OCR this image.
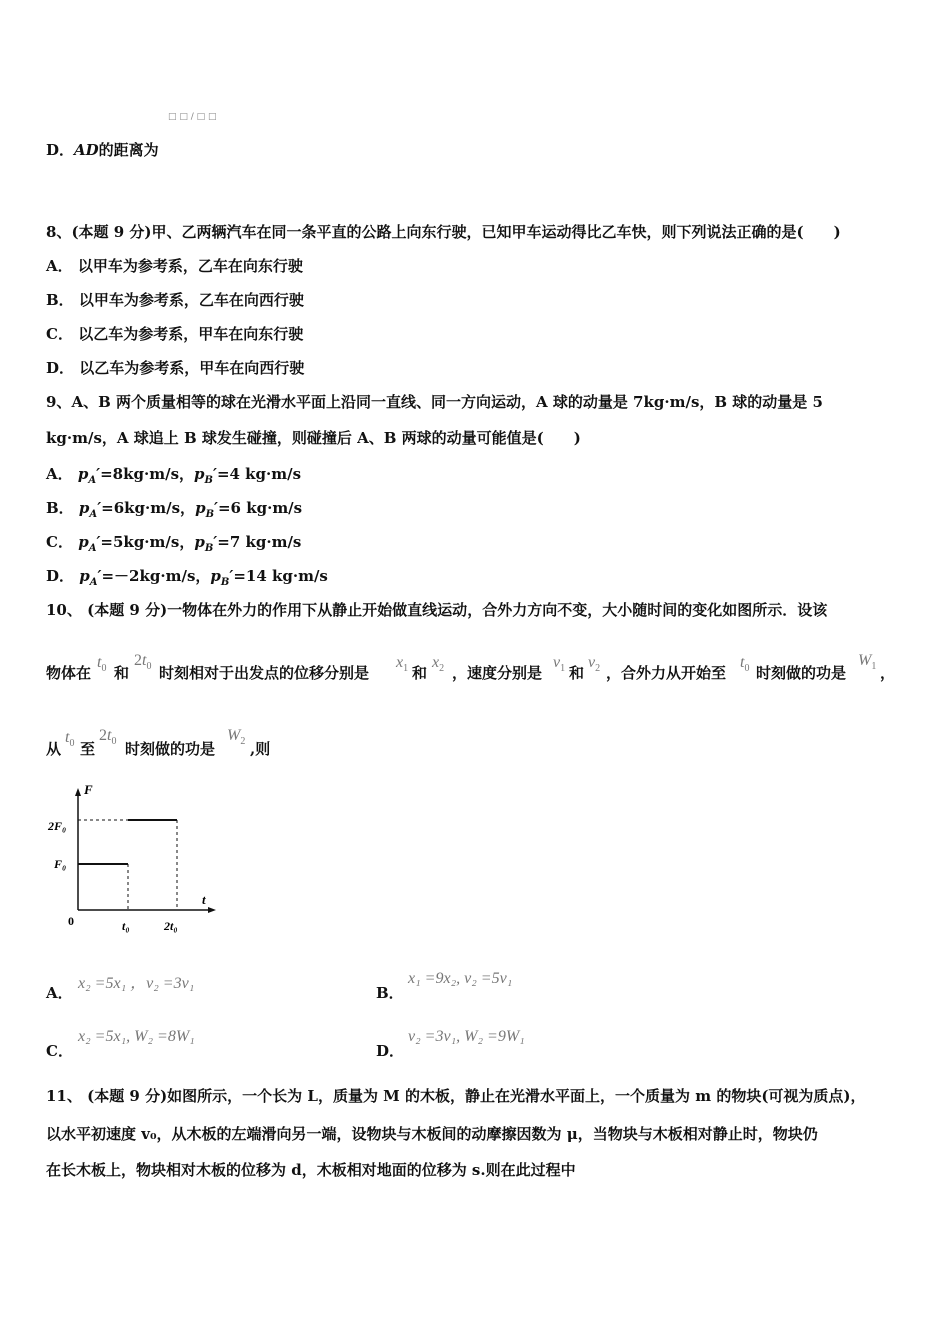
□ □ / □ □
D．AD的距离为
8、(本题 9 分)甲、乙两辆汽车在同一条平直的公路上向东行驶，已知甲车运动得比乙车快，则下列说法正确的是(　　)
A． 以甲车为参考系，乙车在向东行驶
B． 以甲车为参考系，乙车在向西行驶
C． 以乙车为参考系，甲车在向东行驶
D． 以乙车为参考系，甲车在向西行驶
9、A、B 两个质量相等的球在光滑水平面上沿同一直线、同一方向运动，A 球的动量是 7kg·m/s，B 球的动量是 5
kg·m/s，A 球追上 B 球发生碰撞，则碰撞后 A、B 两球的动量可能值是(　　)
A． $p_A'=8kg\cdot m/s$，$p_B'=4$ kg·m/s
B． $p_A'=6kg\cdot m/s$，$p_B'=6$ kg·m/s
C． $p_A'=5kg\cdot m/s$，$p_B'=7$ kg·m/s
D． $p_A'=-2kg\cdot m/s$，$p_B'=14$ kg·m/s
10、 (本题 9 分)一物体在外力的作用下从静止开始做直线运动，合外力方向不变，大小随时间的变化如图所示．设该
物体在
$t_0$ 和
$2t_0$ 时刻相对于出发点的位移分别是
$x_1$ 和
$x_2$ ，速度分别是
$v_1$ 和
$v_2$ ，合外力从开始至
$t_0$ 时刻做的功是
$W_1$ ，
从
$t_0$ 至
$2t_0$ 时刻做的功是
$W_2$ ,则
F
t
0
2F₀
F₀
t₀	2t₀
A．
x₂ =5x₁ ，v₂ =3v₁
B．
x₁ =9x₂, v₂ =5v₁
C．
x₂ =5x₁, W₂ =8W₁
D．
v₂ =3v₁, W₂ =9W₁
11、 (本题 9 分)如图所示，一个长为 L，质量为 M 的木板，静止在光滑水平面上，一个质量为 m 的物块(可视为质点)，
以水平初速度 v₀，从木板的左端滑向另一端，设物块与木板间的动摩擦因数为 μ，当物块与木板相对静止时，物块仍
在长木板上，物块相对木板的位移为 d，木板相对地面的位移为 s.则在此过程中
